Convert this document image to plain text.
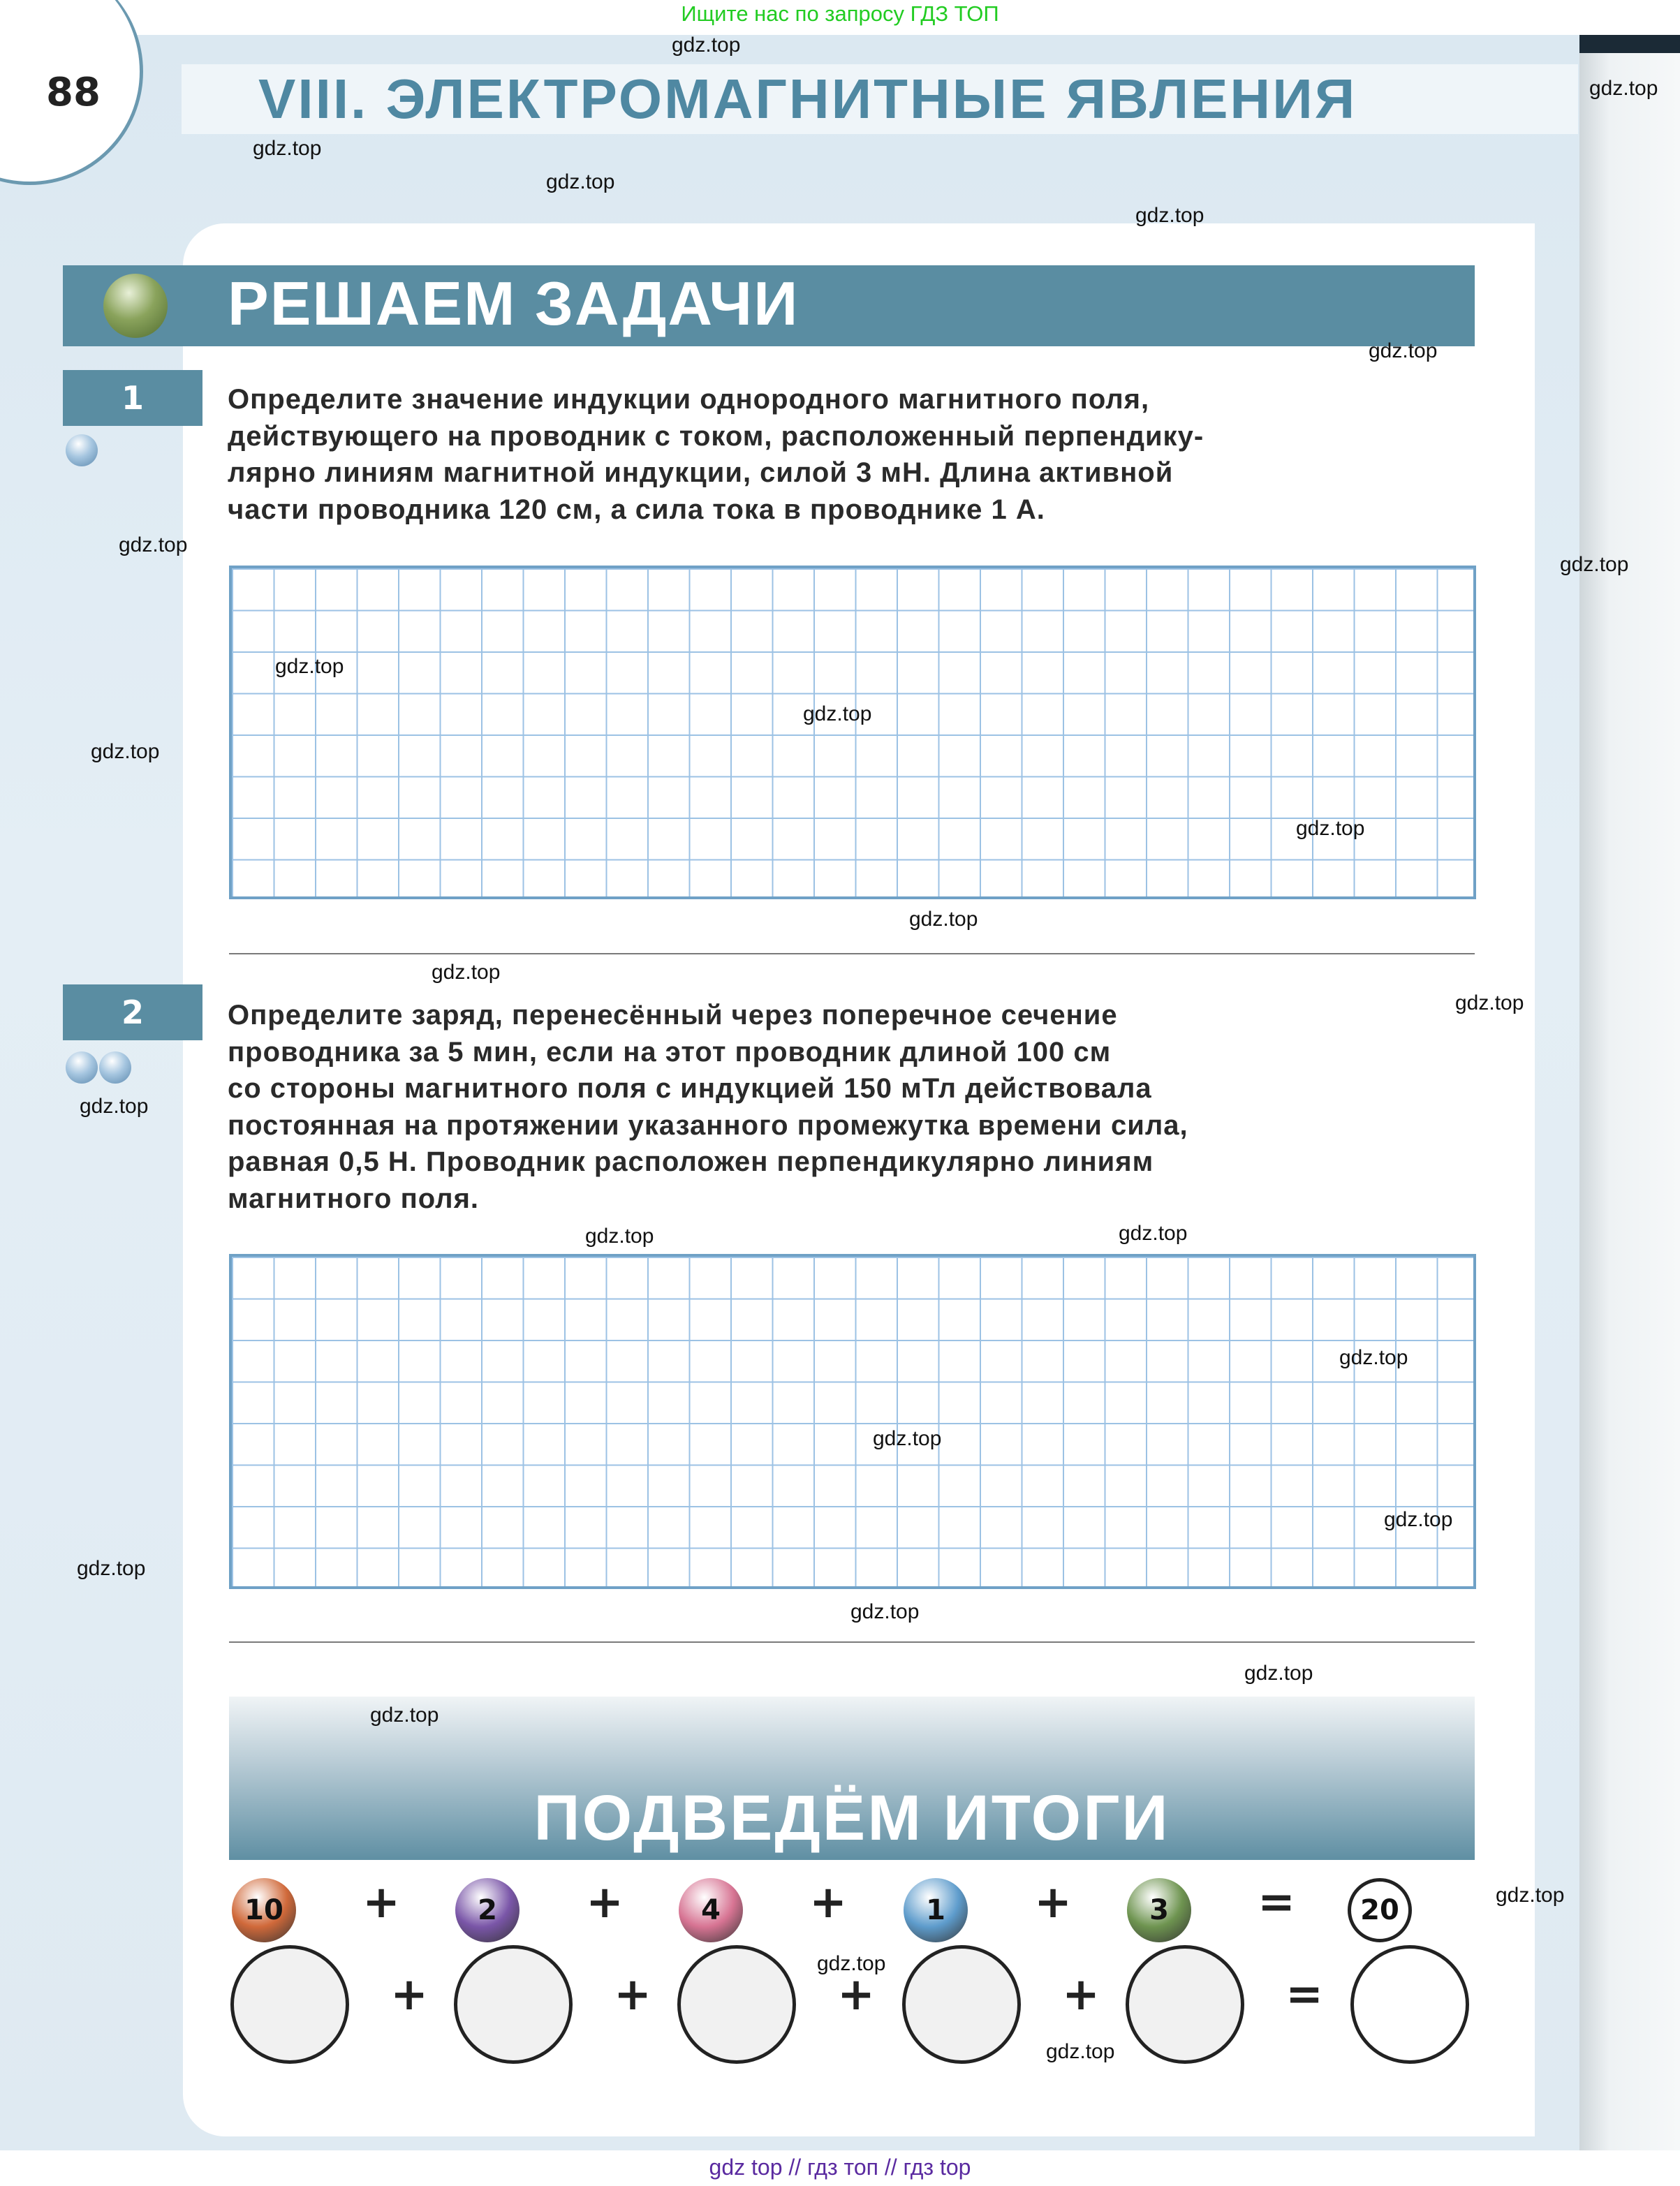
Ищите нас по запросу ГДЗ ТОП
88	VIII. ЭЛЕКТРОМАГНИТНЫЕ ЯВЛЕНИЯ
РЕШАЕМ ЗАДАЧИ
1	Определите значение индукции однородного магнитного поля,
действующего на проводник с током, расположенный перпендику-
лярно линиям магнитной индукции, силой 3 мН. Длина активной
части проводника 120 см, а сила тока в проводнике 1 А.
2	Определите заряд, перенесённый через поперечное сечение
проводника за 5 мин, если на этот проводник длиной 100 см
со стороны магнитного поля с индукцией 150 мТл действовала
постоянная на протяжении указанного промежутка времени сила,
равная 0,5 Н. Проводник расположен перпендикулярно линиям
магнитного поля.
ПОДВЕДЁМ ИТОГИ
10 +
+
2	+
+
4	+
+
1	+
+
3	=
=
20
gdz.top
gdz.top
gdz.top
gdz.top
gdz.top
gdz.top
gdz.top
gdz.top
gdz.top
gdz.top
gdz.top
gdz.top
gdz.top
gdz.top
gdz.top
gdz.top
gdz.top
gdz.top
gdz.top
gdz.top
gdz.top
gdz.top
gdz.top
gdz.top
gdz.top
gdz.top
gdz.top
gdz.top
gdz top // гдз топ // гдз top
